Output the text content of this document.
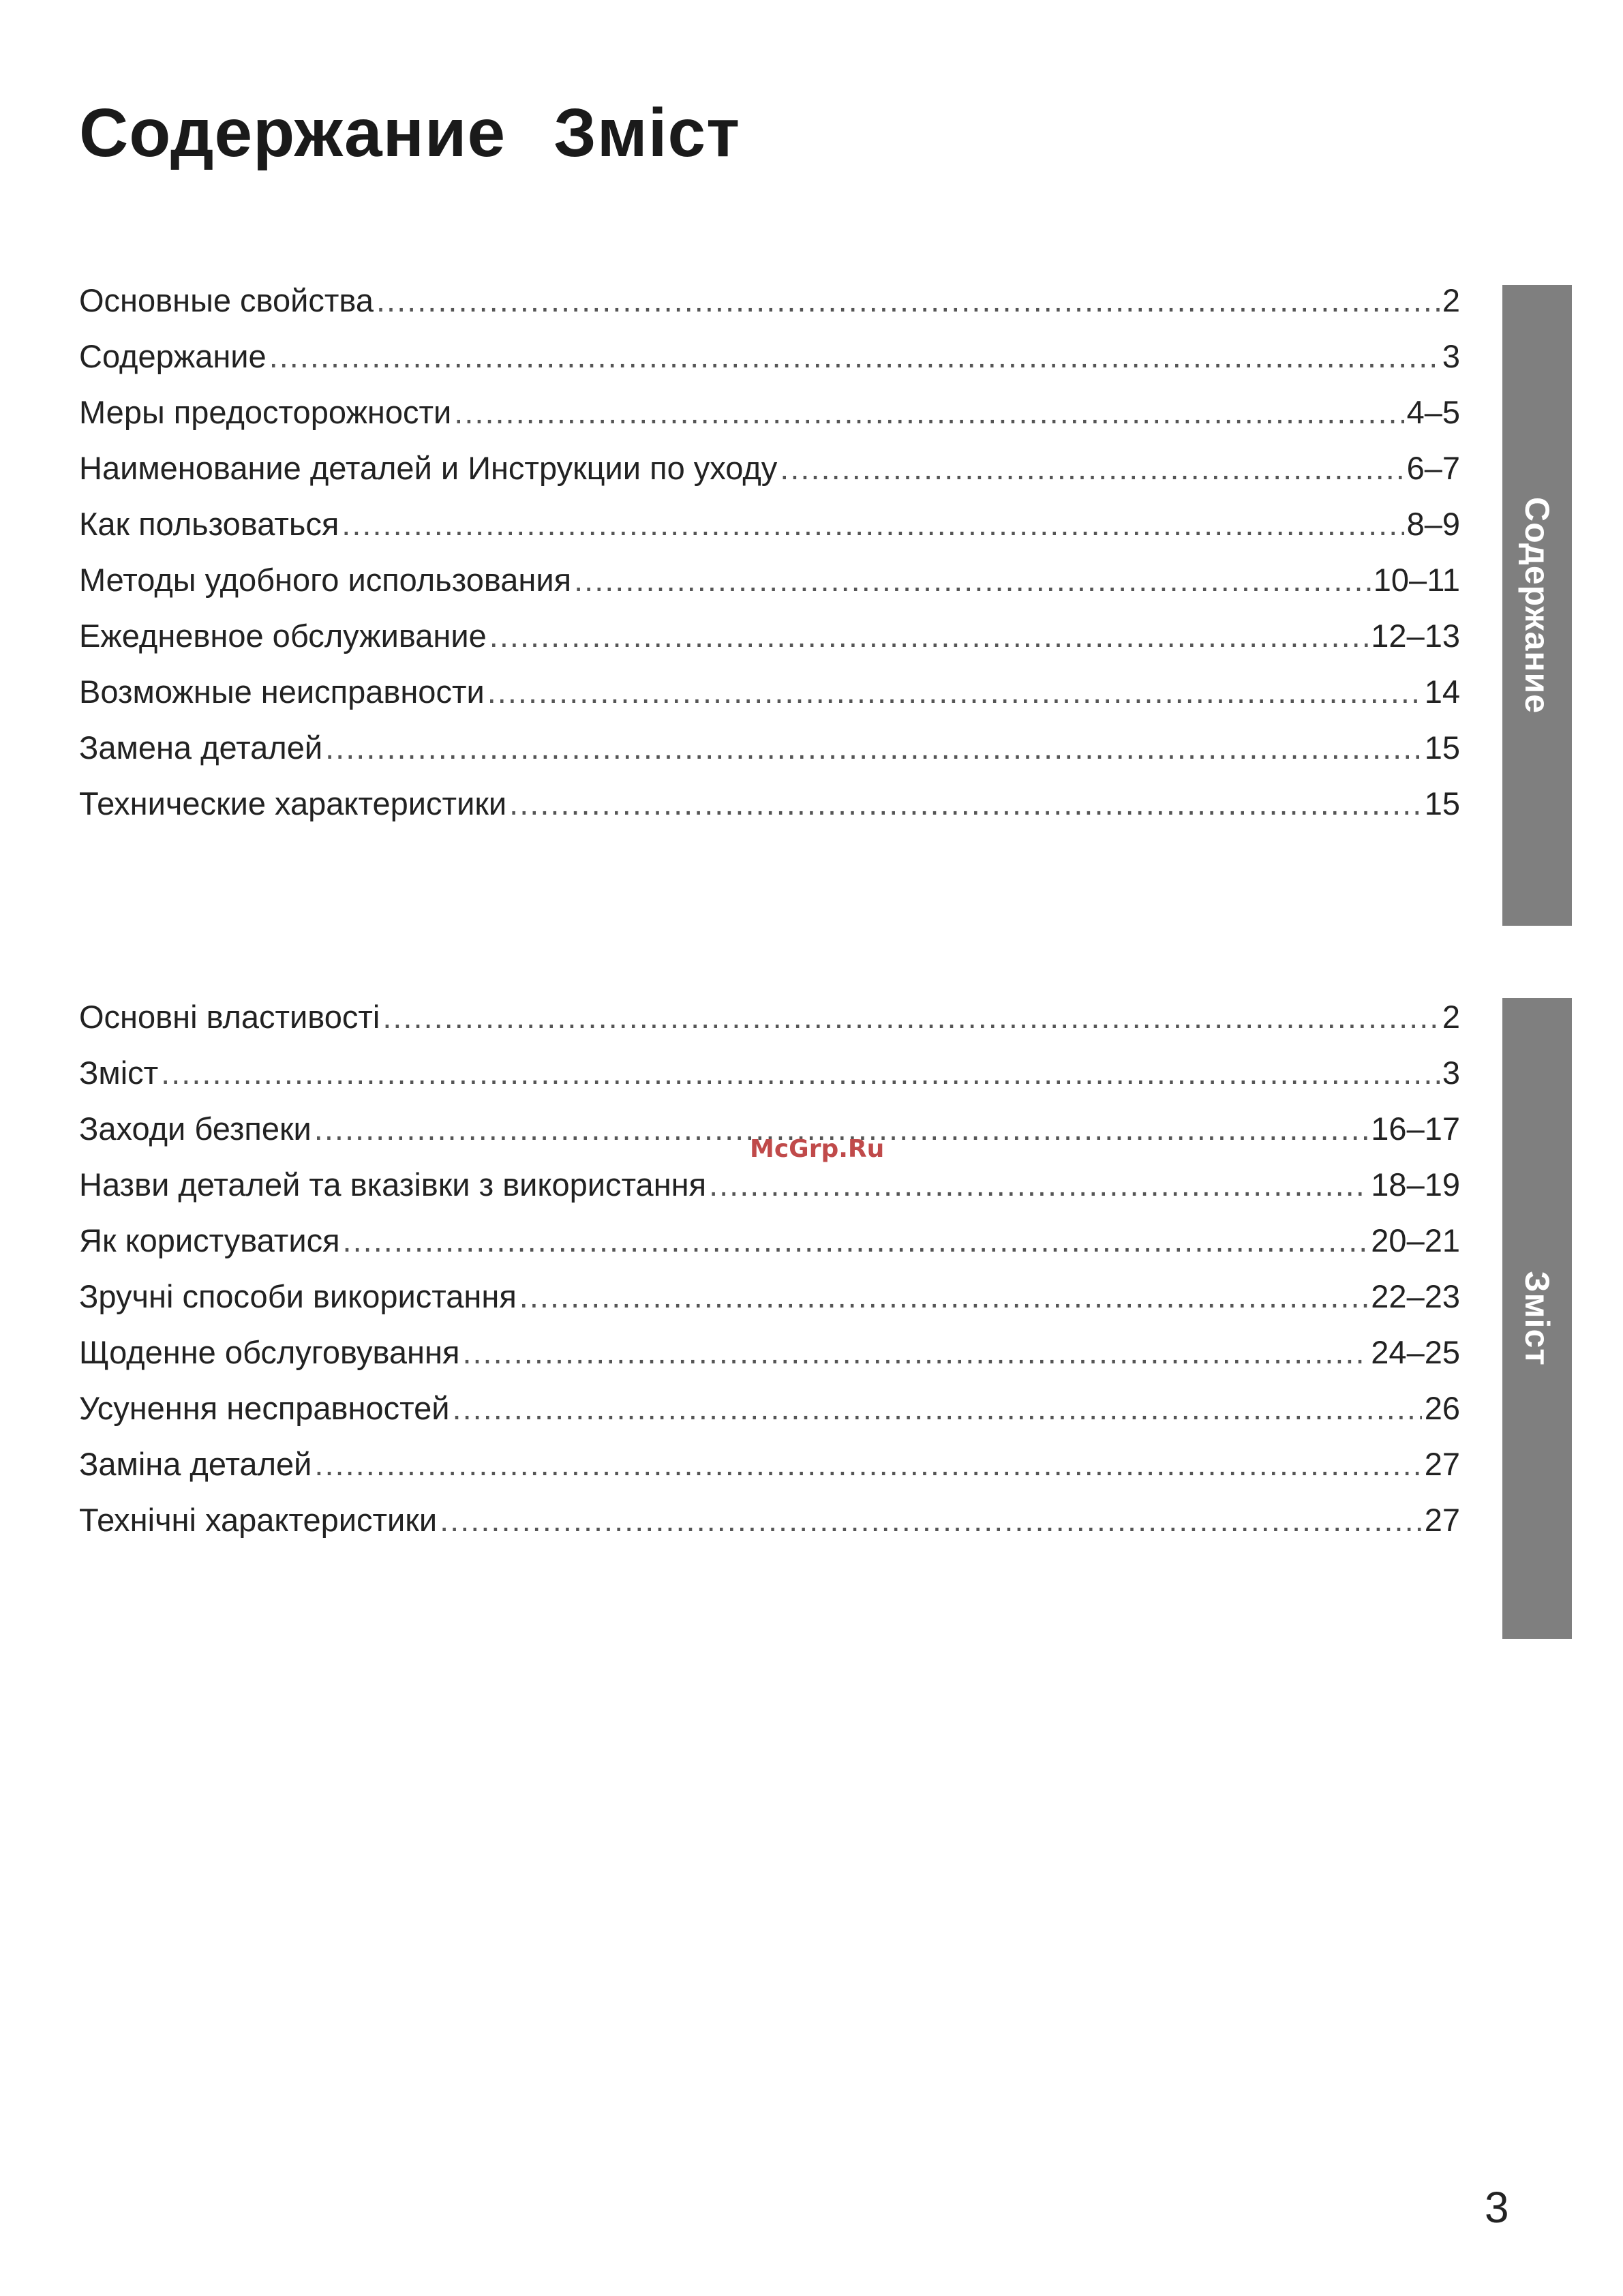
Содержание Зміст
Основные свойства .....	2
Содержание .....	3
Меры предосторожности .....	4–5
Наименование деталей и Инструкции по уходу .....	6–7
Как пользоваться .....	8–9
Методы удобного использования .....	10–11
Ежедневное обслуживание .....	12–13
Возможные неисправности .....	14
Замена деталей .....	15
Технические характеристики .....	15
Основні властивості .....	2
Зміст .....	3
Заходи безпеки .....	16–17
Назви деталей та вказівки з використання .....	18–19
Як користуватися .....	20–21
Зручні способи використання .....	22–23
Щоденне обслуговування .....	24–25
Усунення несправностей .....	26
Заміна деталей .....	27
Технічні характеристики .....	27
Содержание
Зміст
McGrp.Ru
3
